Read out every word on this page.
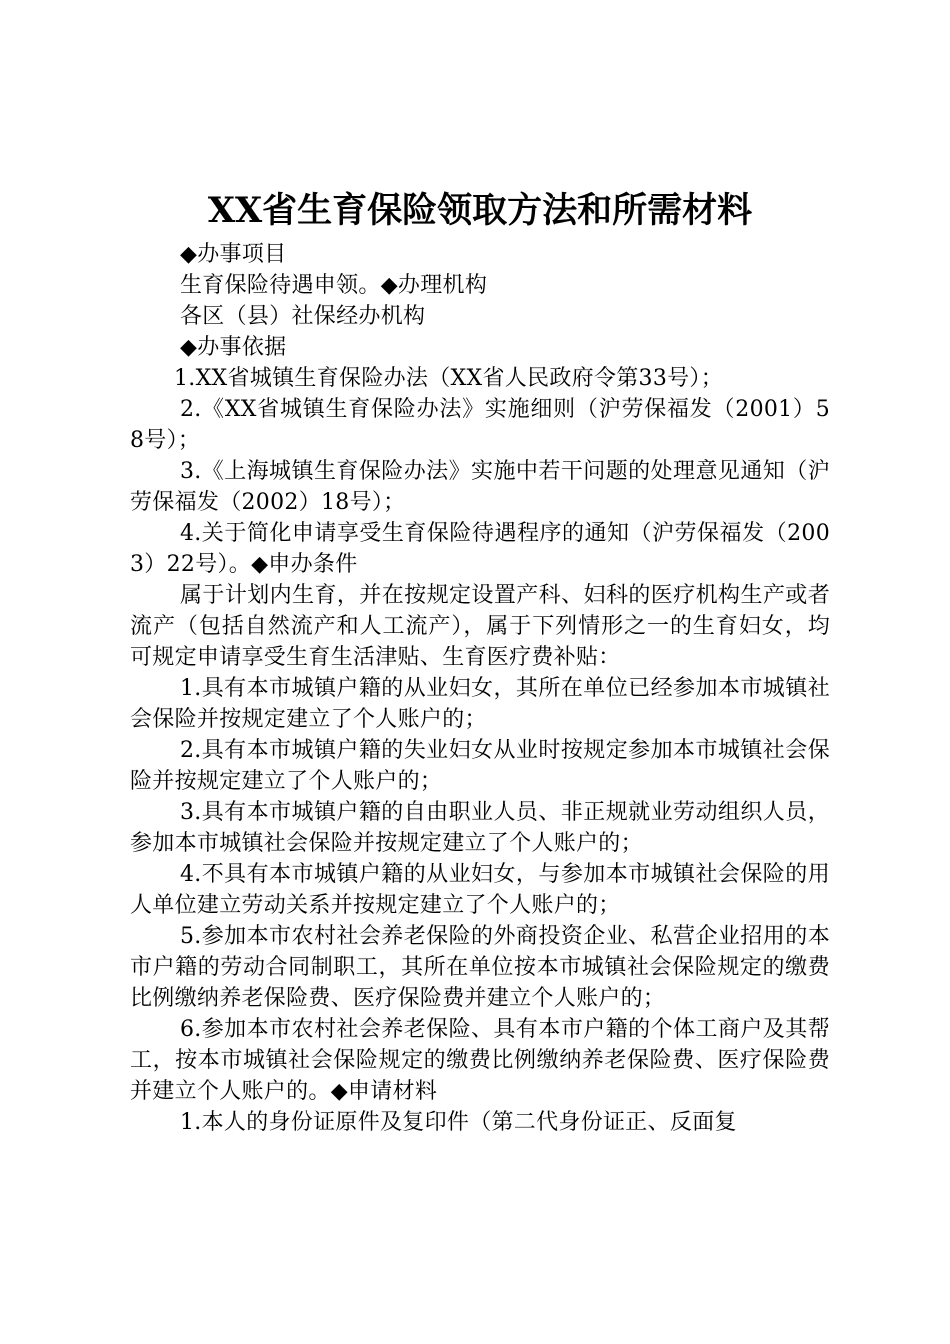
XX省生育保险领取方法和所需材料

◆办事项目

生育保险待遇申领。◆办理机构

各区（县）社保经办机构

◆办事依据

1.XX省城镇生育保险办法（XX省人民政府令第33号）；

2.《XX省城镇生育保险办法》实施细则（沪劳保福发（2001）58号）；

3.《上海城镇生育保险办法》实施中若干问题的处理意见通知（沪劳保福发（2002）18号）；

4.关于简化申请享受生育保险待遇程序的通知（沪劳保福发（2003）22号）。◆申办条件

属于计划内生育，并在按规定设置产科、妇科的医疗机构生产或者流产（包括自然流产和人工流产），属于下列情形之一的生育妇女，均可规定申请享受生育生活津贴、生育医疗费补贴：

1.具有本市城镇户籍的从业妇女，其所在单位已经参加本市城镇社会保险并按规定建立了个人账户的；

2.具有本市城镇户籍的失业妇女从业时按规定参加本市城镇社会保险并按规定建立了个人账户的；

3.具有本市城镇户籍的自由职业人员、非正规就业劳动组织人员，参加本市城镇社会保险并按规定建立了个人账户的；

4.不具有本市城镇户籍的从业妇女，与参加本市城镇社会保险的用人单位建立劳动关系并按规定建立了个人账户的；

5.参加本市农村社会养老保险的外商投资企业、私营企业招用的本市户籍的劳动合同制职工，其所在单位按本市城镇社会保险规定的缴费比例缴纳养老保险费、医疗保险费并建立个人账户的；

6.参加本市农村社会养老保险、具有本市户籍的个体工商户及其帮工，按本市城镇社会保险规定的缴费比例缴纳养老保险费、医疗保险费并建立个人账户的。◆申请材料

1.本人的身份证原件及复印件（第二代身份证正、反面复
